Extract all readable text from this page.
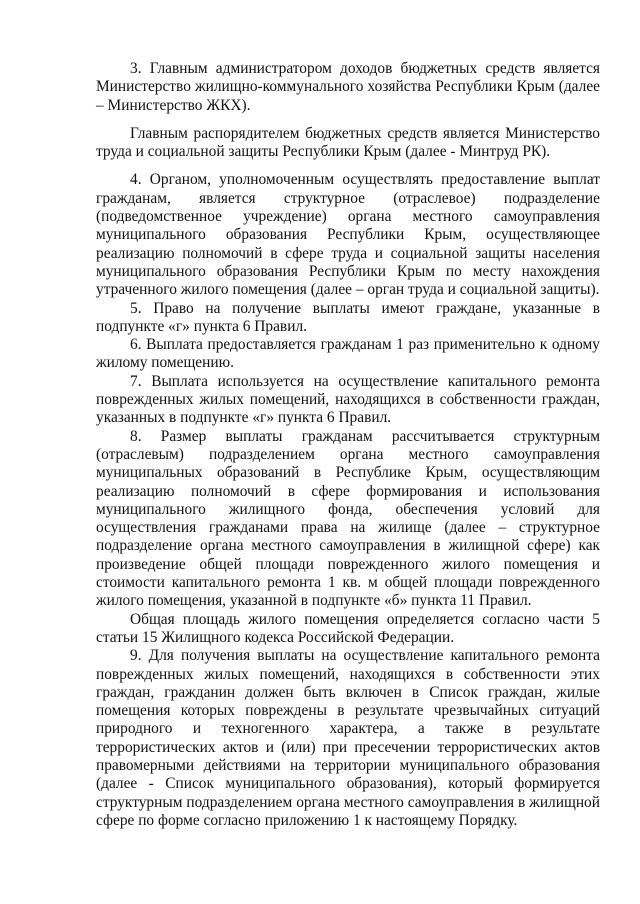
3. Главным администратором доходов бюджетных средств является Министерство жилищно-коммунального хозяйства Республики Крым (далее – Министерство ЖКХ).

Главным распорядителем бюджетных средств является Министерство труда и социальной защиты Республики Крым (далее - Минтруд РК).

4. Органом, уполномоченным осуществлять предоставление выплат гражданам, является структурное (отраслевое) подразделение (подведомственное учреждение) органа местного самоуправления муниципального образования Республики Крым, осуществляющее реализацию полномочий в сфере труда и социальной защиты населения муниципального образования Республики Крым по месту нахождения утраченного жилого помещения (далее – орган труда и социальной защиты).

5. Право на получение выплаты имеют граждане, указанные в подпункте «г» пункта 6 Правил.

6. Выплата предоставляется гражданам 1 раз применительно к одному жилому помещению.

7. Выплата используется на осуществление капитального ремонта поврежденных жилых помещений, находящихся в собственности граждан, указанных в подпункте «г» пункта 6 Правил.

8. Размер выплаты гражданам рассчитывается структурным (отраслевым) подразделением органа местного самоуправления муниципальных образований в Республике Крым, осуществляющим реализацию полномочий в сфере формирования и использования муниципального жилищного фонда, обеспечения условий для осуществления гражданами права на жилище (далее – структурное подразделение органа местного самоуправления в жилищной сфере) как произведение общей площади поврежденного жилого помещения и стоимости капитального ремонта 1 кв. м общей площади поврежденного жилого помещения, указанной в подпункте «б» пункта 11 Правил.

Общая площадь жилого помещения определяется согласно части 5 статьи 15 Жилищного кодекса Российской Федерации.

9. Для получения выплаты на осуществление капитального ремонта поврежденных жилых помещений, находящихся в собственности этих граждан, гражданин должен быть включен в Список граждан, жилые помещения которых повреждены в результате чрезвычайных ситуаций природного и техногенного характера, а также в результате террористических актов и (или) при пресечении террористических актов правомерными действиями на территории муниципального образования (далее - Список муниципального образования), который формируется структурным подразделением органа местного самоуправления в жилищной сфере по форме согласно приложению 1 к настоящему Порядку.
